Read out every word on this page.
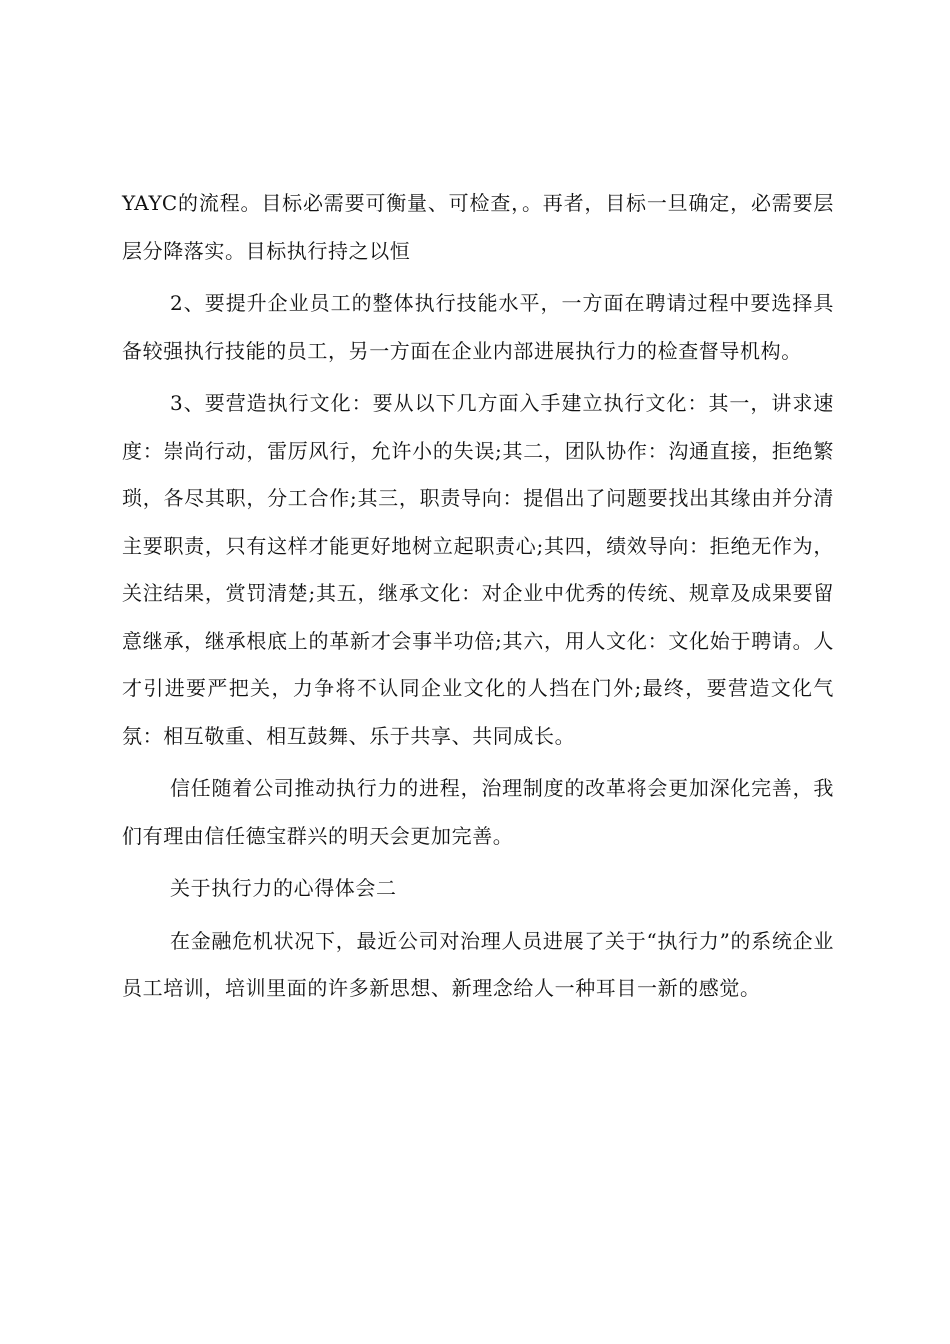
YAYC的流程。目标必需要可衡量、可检查，。再者，目标一旦确定，必需要层层分降落实。目标执行持之以恒

2、要提升企业员工的整体执行技能水平，一方面在聘请过程中要选择具备较强执行技能的员工，另一方面在企业内部进展执行力的检查督导机构。

3、要营造执行文化：要从以下几方面入手建立执行文化：其一，讲求速度：崇尚行动，雷厉风行，允许小的失误;其二，团队协作：沟通直接，拒绝繁琐，各尽其职，分工合作;其三，职责导向：提倡出了问题要找出其缘由并分清主要职责，只有这样才能更好地树立起职责心;其四，绩效导向：拒绝无作为，关注结果，赏罚清楚;其五，继承文化：对企业中优秀的传统、规章及成果要留意继承，继承根底上的革新才会事半功倍;其六，用人文化：文化始于聘请。人才引进要严把关，力争将不认同企业文化的人挡在门外;最终，要营造文化气氛：相互敬重、相互鼓舞、乐于共享、共同成长。

信任随着公司推动执行力的进程，治理制度的改革将会更加深化完善，我们有理由信任德宝群兴的明天会更加完善。

关于执行力的心得体会二

在金融危机状况下，最近公司对治理人员进展了关于“执行力”的系统企业员工培训，培训里面的许多新思想、新理念给人一种耳目一新的感觉。
